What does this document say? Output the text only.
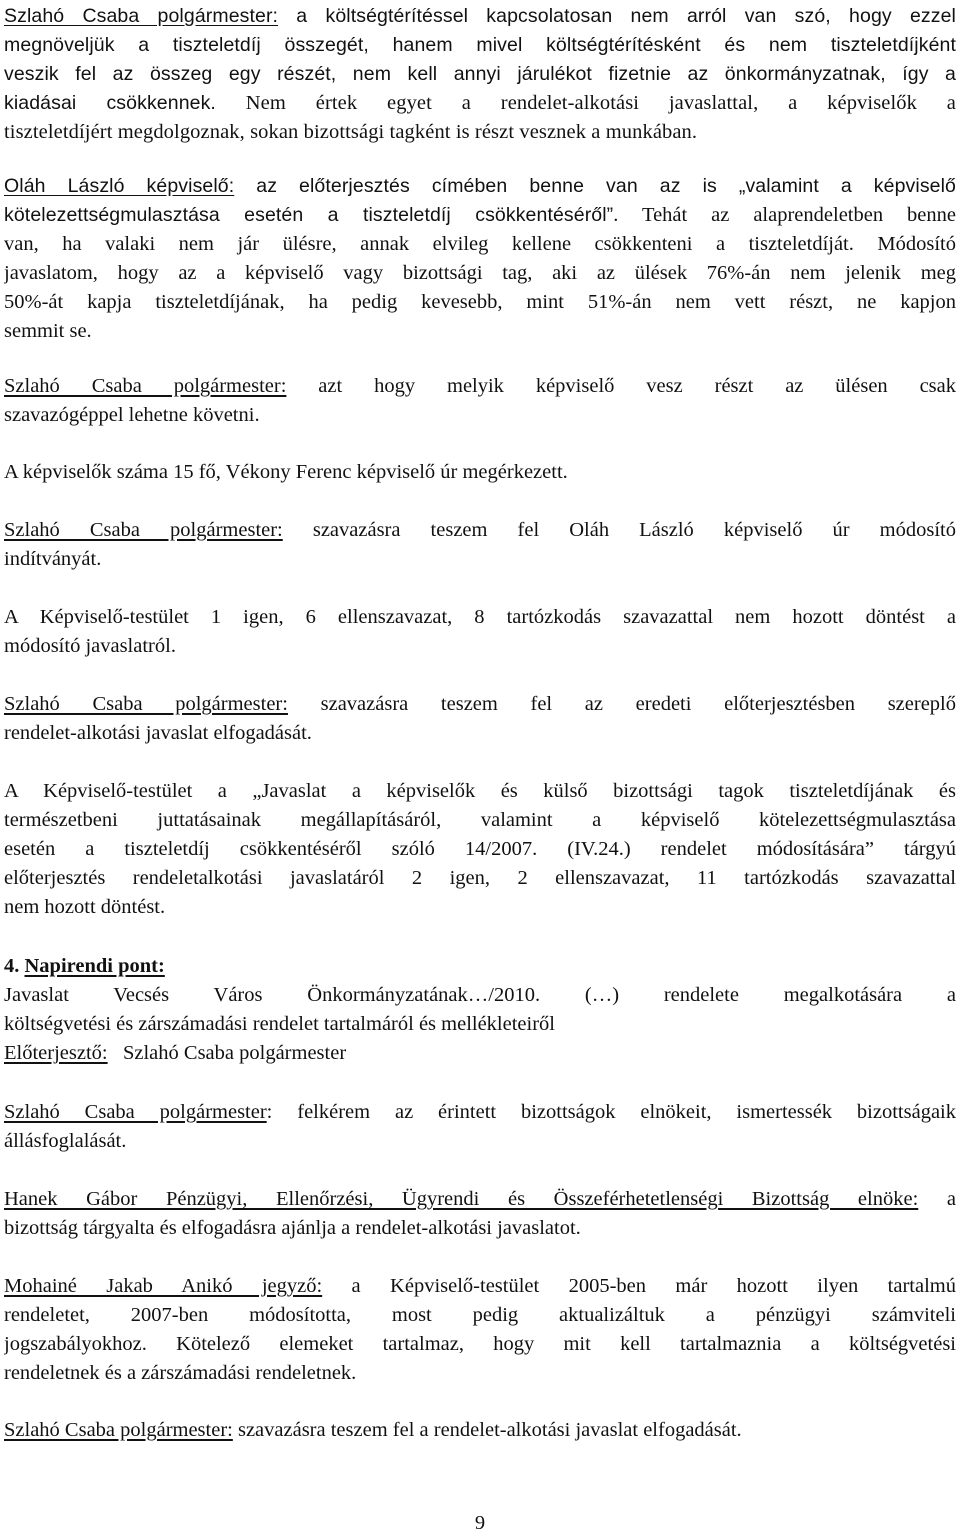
Szlahó Csaba polgármester: a költségtérítéssel kapcsolatosan nem arról van szó, hogy ezzel
megnöveljük a tiszteletdíj összegét, hanem mivel költségtérítésként és nem tiszteletdíjként
veszik fel az összeg egy részét, nem kell annyi járulékot fizetnie az önkormányzatnak, így a
kiadásai csökkennek. Nem értek egyet a rendelet-alkotási javaslattal, a képviselők a
tiszteletdíjért megdolgoznak, sokan bizottsági tagként is részt vesznek a munkában.
Oláh László képviselő: az előterjesztés címében benne van az is „valamint a képviselő
kötelezettségmulasztása esetén a tiszteletdíj csökkentéséről”. Tehát az alaprendeletben benne
van, ha valaki nem jár ülésre, annak elvileg kellene csökkenteni a tiszteletdíját. Módosító
javaslatom, hogy az a képviselő vagy bizottsági tag, aki az ülések 76%-án nem jelenik meg
50%-át kapja tiszteletdíjának, ha pedig kevesebb, mint 51%-án nem vett részt, ne kapjon
semmit se.
Szlahó Csaba polgármester: azt hogy melyik képviselő vesz részt az ülésen csak
szavazógéppel lehetne követni.
A képviselők száma 15 fő, Vékony Ferenc képviselő úr megérkezett.
Szlahó Csaba polgármester: szavazásra teszem fel Oláh László képviselő úr módosító
indítványát.
A Képviselő-testület 1 igen, 6 ellenszavazat, 8 tartózkodás szavazattal nem hozott döntést a
módosító javaslatról.
Szlahó Csaba polgármester: szavazásra teszem fel az eredeti előterjesztésben szereplő
rendelet-alkotási javaslat elfogadását.
A Képviselő-testület a „Javaslat a képviselők és külső bizottsági tagok tiszteletdíjának és
természetbeni juttatásainak megállapításáról, valamint a képviselő kötelezettségmulasztása
esetén a tiszteletdíj csökkentéséről szóló 14/2007. (IV.24.) rendelet módosítására” tárgyú
előterjesztés rendeletalkotási javaslatáról 2 igen, 2 ellenszavazat, 11 tartózkodás szavazattal
nem hozott döntést.
4. Napirendi pont:
Javaslat Vecsés Város Önkormányzatának…/2010. (…) rendelete megalkotására a
költségvetési és zárszámadási rendelet tartalmáról és mellékleteiről
Előterjesztő: Szlahó Csaba polgármester
Szlahó Csaba polgármester: felkérem az érintett bizottságok elnökeit, ismertessék bizottságaik
állásfoglalását.
Hanek Gábor Pénzügyi, Ellenőrzési, Ügyrendi és Összeférhetetlenségi Bizottság elnöke: a
bizottság tárgyalta és elfogadásra ajánlja a rendelet-alkotási javaslatot.
Mohainé Jakab Anikó jegyző: a Képviselő-testület 2005-ben már hozott ilyen tartalmú
rendeletet, 2007-ben módosította, most pedig aktualizáltuk a pénzügyi számviteli
jogszabályokhoz. Kötelező elemeket tartalmaz, hogy mit kell tartalmaznia a költségvetési
rendeletnek és a zárszámadási rendeletnek.
Szlahó Csaba polgármester: szavazásra teszem fel a rendelet-alkotási javaslat elfogadását.
9
